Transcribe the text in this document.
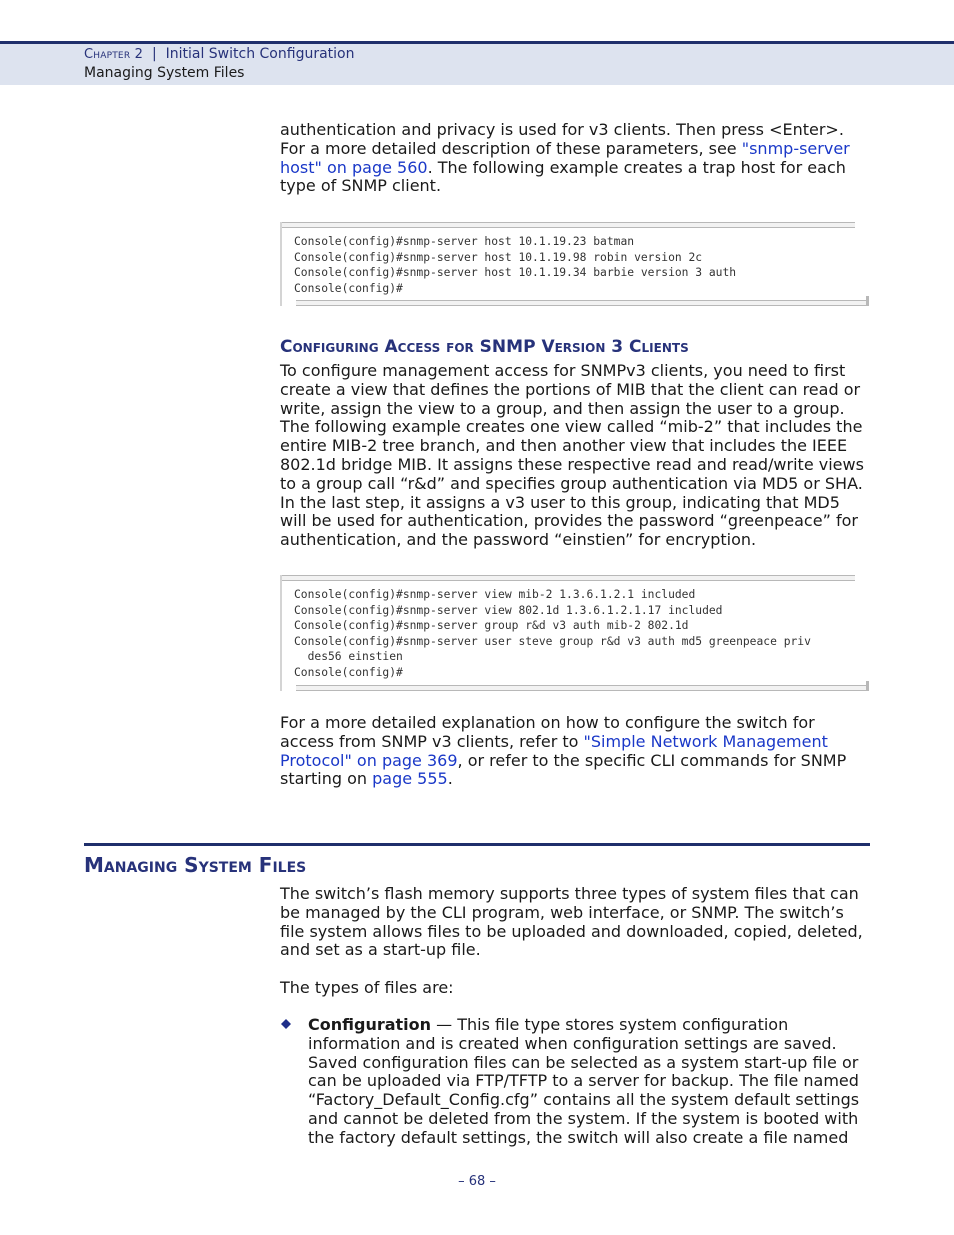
Chapter 2 | Initial Switch Configuration
Managing System Files

authentication and privacy is used for v3 clients. Then press <Enter>. For a more detailed description of these parameters, see "snmp-server host" on page 560. The following example creates a trap host for each type of SNMP client.

Console(config)#snmp-server host 10.1.19.23 batman
Console(config)#snmp-server host 10.1.19.98 robin version 2c
Console(config)#snmp-server host 10.1.19.34 barbie version 3 auth
Console(config)#
Configuring Access for SNMP Version 3 Clients

To configure management access for SNMPv3 clients, you need to first create a view that defines the portions of MIB that the client can read or write, assign the view to a group, and then assign the user to a group. The following example creates one view called “mib-2” that includes the entire MIB-2 tree branch, and then another view that includes the IEEE 802.1d bridge MIB. It assigns these respective read and read/write views to a group call “r&d” and specifies group authentication via MD5 or SHA. In the last step, it assigns a v3 user to this group, indicating that MD5 will be used for authentication, provides the password “greenpeace” for authentication, and the password “einstien” for encryption.

Console(config)#snmp-server view mib-2 1.3.6.1.2.1 included
Console(config)#snmp-server view 802.1d 1.3.6.1.2.1.17 included
Console(config)#snmp-server group r&d v3 auth mib-2 802.1d
Console(config)#snmp-server user steve group r&d v3 auth md5 greenpeace priv
des56 einstien
Console(config)#

For a more detailed explanation on how to configure the switch for access from SNMP v3 clients, refer to "Simple Network Management Protocol" on page 369, or refer to the specific CLI commands for SNMP starting on page 555.

Managing System Files

The switch’s flash memory supports three types of system files that can be managed by the CLI program, web interface, or SNMP. The switch’s file system allows files to be uploaded and downloaded, copied, deleted, and set as a start-up file.

The types of files are:

Configuration — This file type stores system configuration information and is created when configuration settings are saved. Saved configuration files can be selected as a system start-up file or can be uploaded via FTP/TFTP to a server for backup. The file named “Factory_Default_Config.cfg” contains all the system default settings and cannot be deleted from the system. If the system is booted with the factory default settings, the switch will also create a file named

– 68 –
